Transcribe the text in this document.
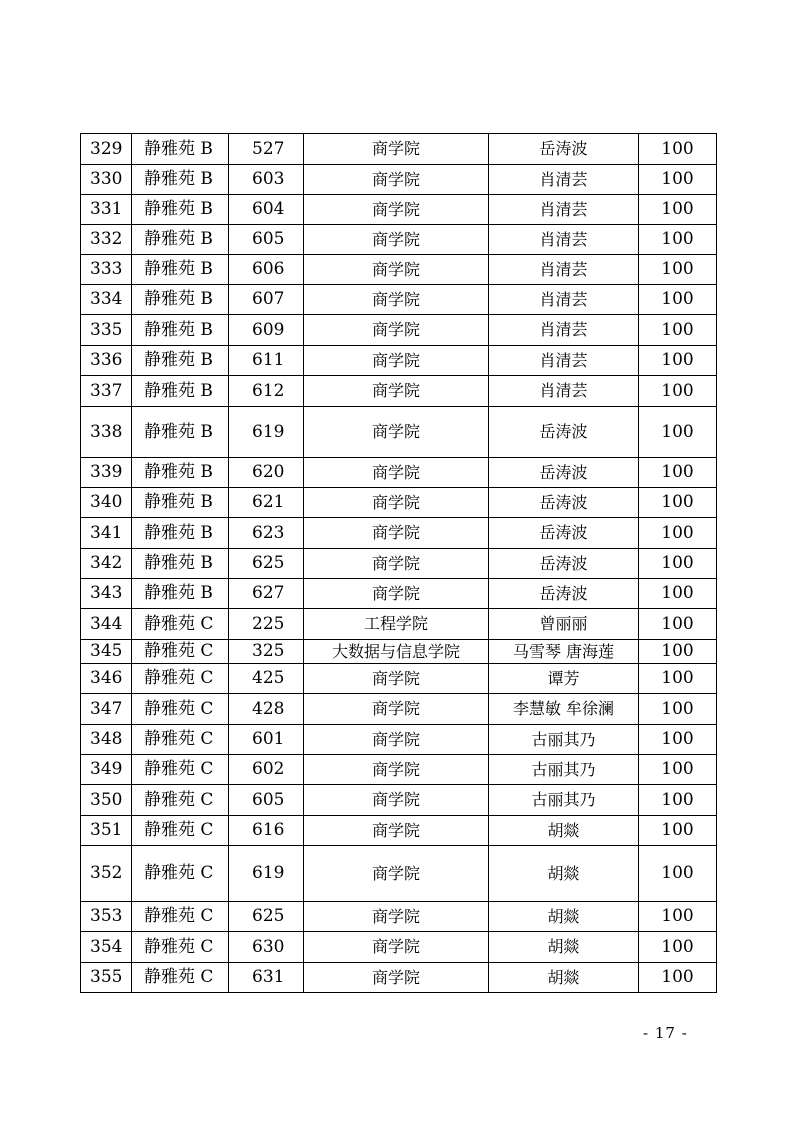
329	静雅苑 B	527	商学院	岳涛波	100
330	静雅苑 B	603	商学院	肖清芸	100
331	静雅苑 B	604	商学院	肖清芸	100
332	静雅苑 B	605	商学院	肖清芸	100
333	静雅苑 B	606	商学院	肖清芸	100
334	静雅苑 B	607	商学院	肖清芸	100
335	静雅苑 B	609	商学院	肖清芸	100
336	静雅苑 B	611	商学院	肖清芸	100
337	静雅苑 B	612	商学院	肖清芸	100
338	静雅苑 B	619	商学院	岳涛波	100
339	静雅苑 B	620	商学院	岳涛波	100
340	静雅苑 B	621	商学院	岳涛波	100
341	静雅苑 B	623	商学院	岳涛波	100
342	静雅苑 B	625	商学院	岳涛波	100
343	静雅苑 B	627	商学院	岳涛波	100
344	静雅苑 C	225	工程学院	曾丽丽	100
345	静雅苑 C	325	大数据与信息学院	马雪琴 唐海莲	100
346	静雅苑 C	425	商学院	谭芳	100
347	静雅苑 C	428	商学院	李慧敏 牟徐澜	100
348	静雅苑 C	601	商学院	古丽其乃	100
349	静雅苑 C	602	商学院	古丽其乃	100
350	静雅苑 C	605	商学院	古丽其乃	100
351	静雅苑 C	616	商学院	胡燚	100
352	静雅苑 C	619	商学院	胡燚	100
353	静雅苑 C	625	商学院	胡燚	100
354	静雅苑 C	630	商学院	胡燚	100
355	静雅苑 C	631	商学院	胡燚	100
- 17 -
